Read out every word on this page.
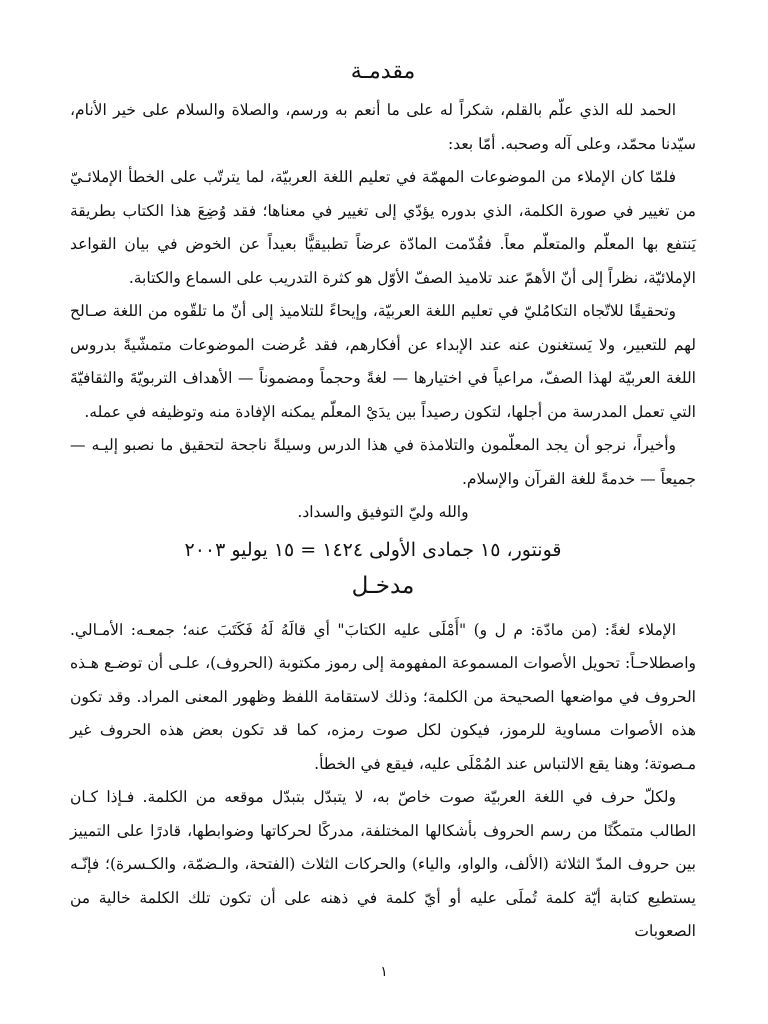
مقدمـة

الحمد لله الذي علّم بالقلم، شكراً له على ما أنعم به ورسم، والصلاة والسلام على خير الأنام، سيّدنا محمّد، وعلى آله وصحبه. أمّا بعد:

فلمّا كان الإملاء من الموضوعات المهمّة في تعليم اللغة العربيّة، لما يترتّب على الخطأ الإملائـيّ من تغيير في صورة الكلمة، الذي بدوره يؤدّي إلى تغيير في معناها؛ فقد وُضِعَ هذا الكتاب بطريقة يَنتفع بها المعلّم والمتعلّم معاً. فقُدّمت المادّة عرضاً تطبيقيًّا بعيداً عن الخوض في بيان القواعد الإملائيّة، نظراً إلى أنّ الأهمّ عند تلاميذ الصفّ الأوّل هو كثرة التدريب على السماع والكتابة.

وتحقيقًا للاتّجاه التكامُليّ في تعليم اللغة العربيّة، وإيحاءً للتلاميذ إلى أنّ ما تلقّوه من اللغة صـالح لهم للتعبير، ولا يَستغنون عنه عند الإبداء عن أفكارهم، فقد عُرضت الموضوعات متمشّيةً بدروس اللغة العربيّة لهذا الصفّ، مراعياً في اختيارها — لغةً وحجماً ومضموناً — الأهداف التربويّةَ والثقافيّةَ التي تعمل المدرسة من أجلها، لتكون رصيداً بين يدَيْ المعلّم يمكنه الإفادة منه وتوظيفه في عمله.

وأخيراً، نرجو أن يجد المعلّمون والتلامذة في هذا الدرس وسيلةً ناجحة لتحقيق ما نصبو إليـه — جميعاً — خدمةً للغة القرآن والإسلام.

والله وليّ التوفيق والسداد.

قونتور، ١٥ جمادى الأولى ١٤٢٤ = ١٥ يوليو ٢٠٠٣

مدخـل

الإملاء لغةً: (من مادّة: م ل و) "أَمْلَى عليه الكتابَ" أي قالَهُ لَهُ فَكَتَبَ عنه؛ جمعـه: الأمـالي. واصطلاحـاً: تحويل الأصوات المسموعة المفهومة إلى رموز مكتوبة (الحروف)، علـى أن توضـع هـذه الحروف في مواضعها الصحيحة من الكلمة؛ وذلك لاستقامة اللفظ وظهور المعنى المراد. وقد تكون هذه الأصوات مساوية للرموز، فيكون لكل صوت رمزه، كما قد تكون بعض هذه الحروف غير مـصوتة؛ وهنا يقع الالتباس عند المُمْلَى عليه، فيقع في الخطأ.

ولكلّ حرف في اللغة العربيّة صوت خاصّ به، لا يتبدّل بتبدّل موقعه من الكلمة. فـإذا كـان الطالب متمكّنًا من رسم الحروف بأشكالها المختلفة، مدركًا لحركاتها وضوابطها، قادرًا على التمييز بين حروف المدّ الثلاثة (الألف، والواو، والياء) والحركات الثلاث (الفتحة، والـضمّة، والكـسرة)؛ فإنّـه يستطيع كتابة أيّة كلمة تُملَى عليه أو أيّ كلمة في ذهنه على أن تكون تلك الكلمة خالية من الصعوبات

١
